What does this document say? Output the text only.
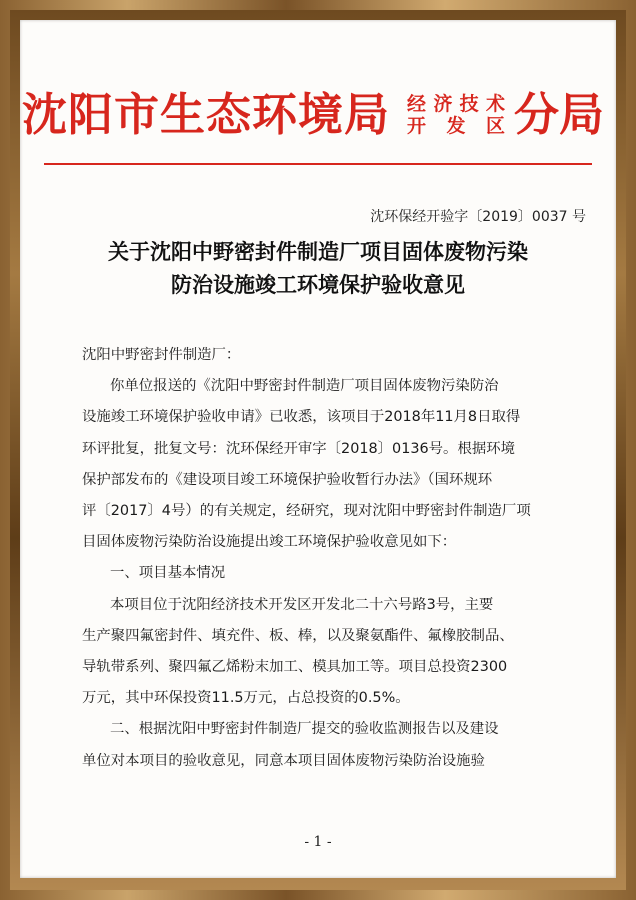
沈阳市生态环境局 经济技术
开发区 分局
沈环保经开验字〔2019〕0037 号
关于沈阳中野密封件制造厂项目固体废物污染
防治设施竣工环境保护验收意见

沈阳中野密封件制造厂：

你单位报送的《沈阳中野密封件制造厂项目固体废物污染防治

设施竣工环境保护验收申请》已收悉，该项目于2018年11月8日取得

环评批复，批复文号：沈环保经开审字〔2018〕0136号。根据环境

保护部发布的《建设项目竣工环境保护验收暂行办法》（国环规环

评〔2017〕4号）的有关规定，经研究，现对沈阳中野密封件制造厂项

目固体废物污染防治设施提出竣工环境保护验收意见如下：

一、项目基本情况

本项目位于沈阳经济技术开发区开发北二十六号路3号，主要

生产聚四氟密封件、填充件、板、棒，以及聚氨酯件、氟橡胶制品、

导轨带系列、聚四氟乙烯粉末加工、模具加工等。项目总投资2300

万元，其中环保投资11.5万元，占总投资的0.5%。

二、根据沈阳中野密封件制造厂提交的验收监测报告以及建设

单位对本项目的验收意见，同意本项目固体废物污染防治设施验

- 1 -
